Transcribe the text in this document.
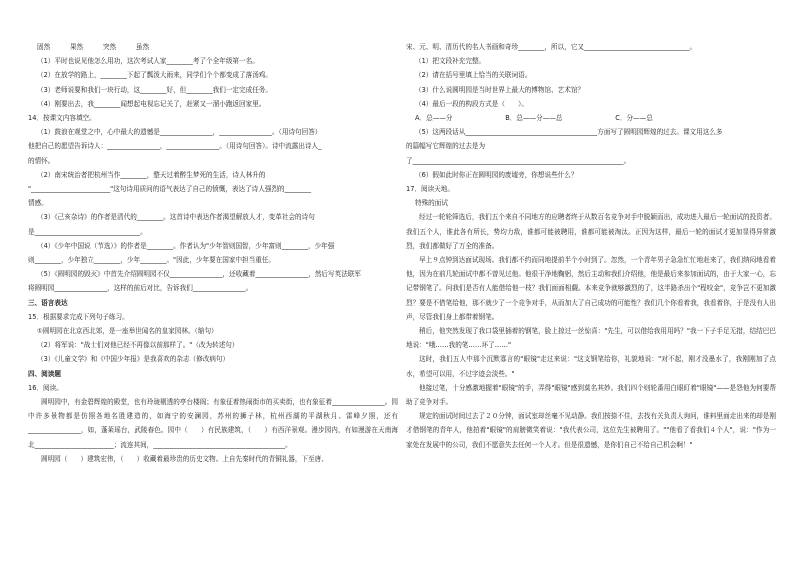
固然　　　果然　　　突然　　　虽然
（1）平时也说见他怎么用功，这次考试人家________考了个全年级第一名。
（2）在放学的路上，________下起了瓢泼大雨来，同学们个个都变成了落汤鸡。
（3）老师说要和我们一块行动，这________好，但________我们一定完成任务。
（4）刚要出去，我________闻想起电视忘记关了，赶紧又一溜小跑返回家里。
14．按课文内容填空。
（1）鼓浪在观堂之中，心中最大的遗憾是________________，________________。（用诗句回答）
他把自己的愿望告诉诗人：________________，________________。（用诗句回答）。诗中流露出诗人_
的情怀。
（2）南宋统治者把杭州当作________，整天过着醉生梦死的生活，诗人林升的
"________________________"这句诗用质问的语气表达了自己的愤慨，表达了诗人强烈的________
情感。
（3）《己亥杂诗》的作者是清代的________。这首诗中表达作者渴望解放人才，变革社会的诗句
是________________________________。
（4）《少年中国说（节选）》的作者是________。作者认为"少年智则国智，少年富则________，少年强
则________，少年独立________，少年________。"因此，少年要在国家中担当重任。
（5）《圆明园的毁灭》中首先介绍圆明园不仅________________，还收藏着________________，然后写英法联军
将圆明园________________，这样的前后对比，告诉我们________________。
三、语言表达
15．根据要求完成下列句子练习。
①圆明园在北京西北郊，是一座举世闻名的皇家园林。（缩句）
（2）将军说："战士们对他已经不再像以前那样了。"（改为转述句）
（3）《儿童文学》和《中国少年报》是我喜欢的杂志（修改病句）
四、阅读题
16．阅读。
圆明园中，有金碧辉煌的殿堂，也有玲珑剔透的亭台楼阁；有象征着热闹街市的买卖街，也有象征着________________。园中许多景物都是仿照各地名胜建造的，如海宁的安澜园，苏州的狮子林，杭州西湖的平湖秋月、雷峰夕照，还有________________，如，蓬莱瑶台，武陵春色。园中（　　）有民族建筑，（　　）有西洋景观。漫步园内，有如漫游在天南海北________________________；流连其间，________________________________________。
圆明园（　　）建筑宏伟，（　　）收藏着最珍贵的历史文物。上自先秦时代的青铜礼器，下至唐、
宋、元、明、清历代的名人书画和奇珍________，所以，它又________________________________。
（1）把文段补充完整。
（2）请在括号里填上恰当的关联词语。
（3）什么说圆明园是当时世界上最大的博物馆、艺术馆？
（4）最后一段的构段方式是（　　）。
A．总——分　　　　　　　　B．总——分——总　　　　　　　　C．分——总
（5）这两段话从________________________________________方面写了圆明园辉煌的过去。课文用这么多
的篇幅写它辉煌的过去是为
了________________________________________________________________。
（6）假如此时你正在圆明园的废墟旁，你想说些什么？
17．阅读天地。
特殊的面试
经过一轮轮筛选后，我们五个来自不同地方的应聘者终于从数百名竞争对手中脱颖而出，成功进入最后一轮面试的投资者。我们五个人，谁此各有所长，势均力敌，谁都可能被聘用，谁都可能被淘汰。正因为这样，最后一轮的面试才更加显得异常激烈，我们都做好了万全的准备。
早上９点钟到达面试现场。我们都不约而同地提前半个小时到了。忽然，一个青年男子急急忙忙地赶来了，我们纳闷地看着他，因为在前几轮面试中都不曾见过他。他很干净地鞠躬，然后主动和我们介绍他，他是最后来参加面试的，由于大家一心，忘记带钢笔了。问我们是否有人能借给他一枝？我们面面相觑。本来竞争就够激烈的了，这半路杀出个"程咬金"，竞争岂不更加激烈？要是不借笔给他，那不就少了一个竞争对手，从而加大了自己成功的可能性？我们几个你看着我，我看着你，于是没有人出声，尽管我们身上都带着钢笔。
稍后，他突然发现了我口袋里插着的钢笔，脸上掠过一丝惊喜："先生，可以借给我用用吗？"我一下子手足无措，结结巴巴地说："哦……我的笔……坏了……"
这时，我们五人中那个沉默寡言的"眼镜"走过来说："这支钢笔给你，礼貌地说："对不起，刚才没墨水了，我刚刚加了点水，希望可以用，不过字迹会淡些。"
他接过笔，十分感激地握着"眼镜"的手，弄得"眼镜"感到莫名其妙。我们四个则轮番用白眼盯着"眼镜"——是怨他为何要帮助了竞争对手。
规定的面试时间过去了２０分钟，面试室却丝毫不见动静。我们按捺不住，去找有关负责人询问，谁料里面走出来的却是刚才借钢笔的青年人，他拍着"眼镜"的肩膀微笑着说："我代表公司，这位先生被聘用了。""他看了看我们４个人"，说："作为一家处在发展中的公司，我们不愿意失去任何一个人才。但是很遗憾，是你们自己不给自己机会啊！"
